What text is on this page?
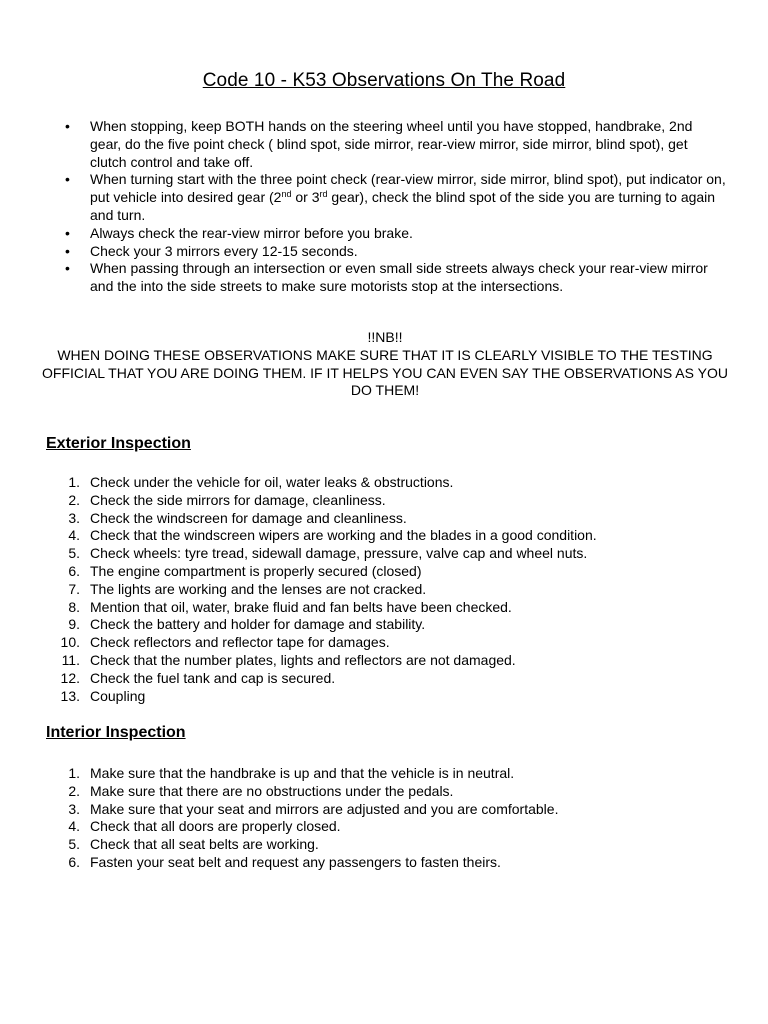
Code 10 - K53 Observations On The Road
• When stopping, keep BOTH hands on the steering wheel until you have stopped, handbrake, 2nd gear, do the five point check ( blind spot, side mirror, rear-view mirror, side mirror, blind spot), get clutch control and take off.
• When turning start with the three point check (rear-view mirror, side mirror, blind spot), put indicator on, put vehicle into desired gear (2nd or 3rd gear), check the blind spot of the side you are turning to again and turn.
• Always check the rear-view mirror before you brake.
• Check your 3 mirrors every 12-15 seconds.
• When passing through an intersection or even small side streets always check your rear-view mirror and the into the side streets to make sure motorists stop at the intersections.
!!NB!!
WHEN DOING THESE OBSERVATIONS MAKE SURE THAT IT IS CLEARLY VISIBLE TO THE TESTING OFFICIAL THAT YOU ARE DOING THEM. IF IT HELPS YOU CAN EVEN SAY THE OBSERVATIONS AS YOU DO THEM!
Exterior Inspection
1. Check under the vehicle for oil, water leaks & obstructions.
2. Check the side mirrors for damage, cleanliness.
3. Check the windscreen for damage and cleanliness.
4. Check that the windscreen wipers are working and the blades in a good condition.
5. Check wheels: tyre tread, sidewall damage, pressure, valve cap and wheel nuts.
6. The engine compartment is properly secured (closed)
7. The lights are working and the lenses are not cracked.
8. Mention that oil, water, brake fluid and fan belts have been checked.
9. Check the battery and holder for damage and stability.
10. Check reflectors and reflector tape for damages.
11. Check that the number plates, lights and reflectors are not damaged.
12. Check the fuel tank and cap is secured.
13. Coupling
Interior Inspection
1. Make sure that the handbrake is up and that the vehicle is in neutral.
2. Make sure that there are no obstructions under the pedals.
3. Make sure that your seat and mirrors are adjusted and you are comfortable.
4. Check that all doors are properly closed.
5. Check that all seat belts are working.
6. Fasten your seat belt and request any passengers to fasten theirs.
